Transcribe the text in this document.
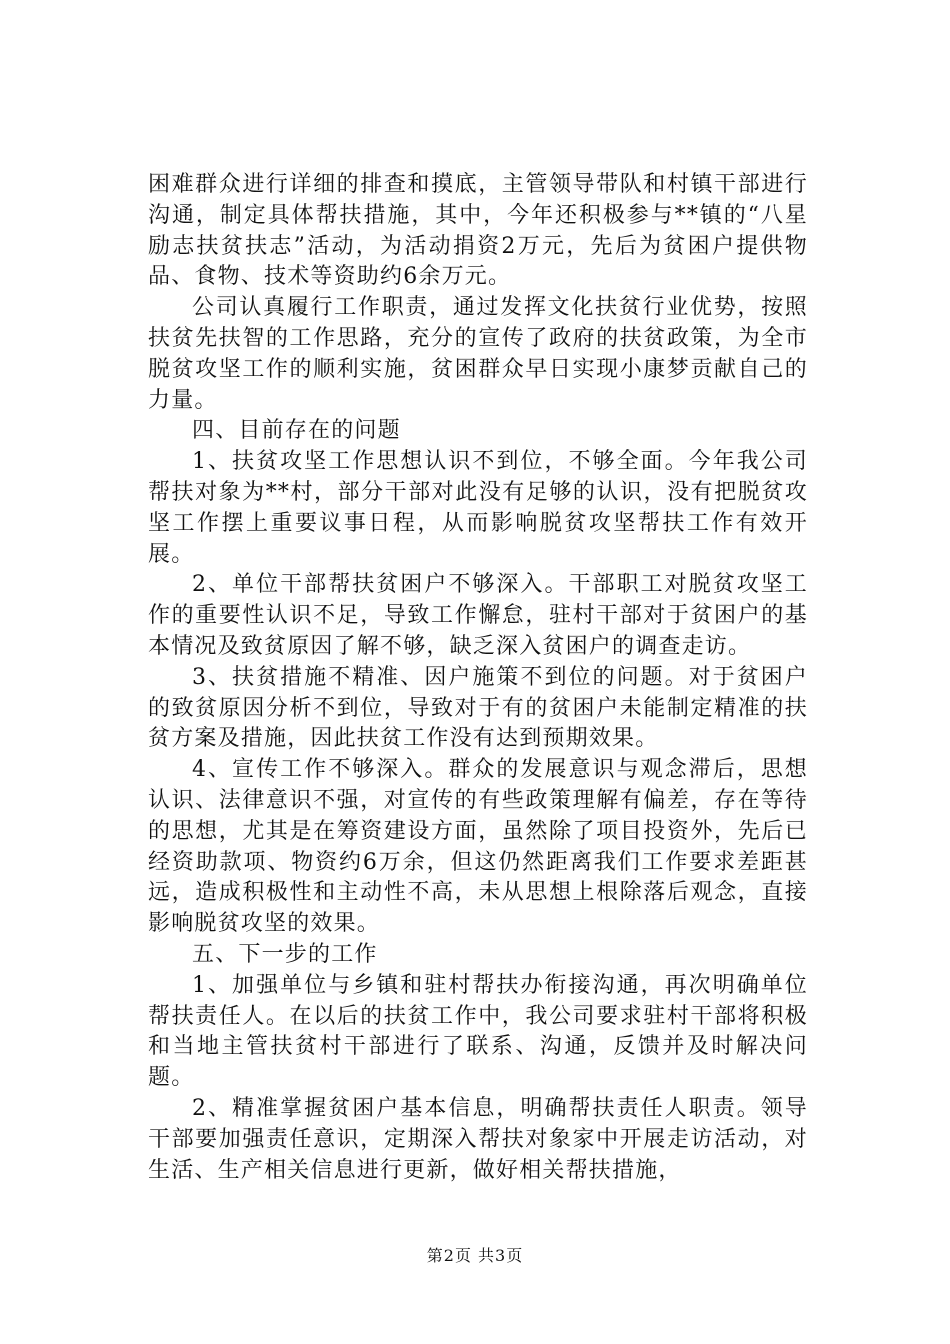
困难群众进行详细的排查和摸底，主管领导带队和村镇干部进行沟通，制定具体帮扶措施，其中，今年还积极参与**镇的“八星励志扶贫扶志”活动，为活动捐资2万元，先后为贫困户提供物品、食物、技术等资助约6余万元。

公司认真履行工作职责，通过发挥文化扶贫行业优势，按照扶贫先扶智的工作思路，充分的宣传了政府的扶贫政策，为全市脱贫攻坚工作的顺利实施，贫困群众早日实现小康梦贡献自己的力量。

四、目前存在的问题

1、扶贫攻坚工作思想认识不到位，不够全面。今年我公司帮扶对象为**村，部分干部对此没有足够的认识，没有把脱贫攻坚工作摆上重要议事日程，从而影响脱贫攻坚帮扶工作有效开展。

2、单位干部帮扶贫困户不够深入。干部职工对脱贫攻坚工作的重要性认识不足，导致工作懈怠，驻村干部对于贫困户的基本情况及致贫原因了解不够，缺乏深入贫困户的调查走访。

3、扶贫措施不精准、因户施策不到位的问题。对于贫困户的致贫原因分析不到位，导致对于有的贫困户未能制定精准的扶贫方案及措施，因此扶贫工作没有达到预期效果。

4、宣传工作不够深入。群众的发展意识与观念滞后，思想认识、法律意识不强，对宣传的有些政策理解有偏差，存在等待的思想，尤其是在筹资建设方面，虽然除了项目投资外，先后已经资助款项、物资约6万余，但这仍然距离我们工作要求差距甚远，造成积极性和主动性不高，未从思想上根除落后观念，直接影响脱贫攻坚的效果。

五、下一步的工作

1、加强单位与乡镇和驻村帮扶办衔接沟通，再次明确单位帮扶责任人。在以后的扶贫工作中，我公司要求驻村干部将积极和当地主管扶贫村干部进行了联系、沟通，反馈并及时解决问题。

2、精准掌握贫困户基本信息，明确帮扶责任人职责。领导干部要加强责任意识，定期深入帮扶对象家中开展走访活动，对生活、生产相关信息进行更新，做好相关帮扶措施，

第2页 共3页
